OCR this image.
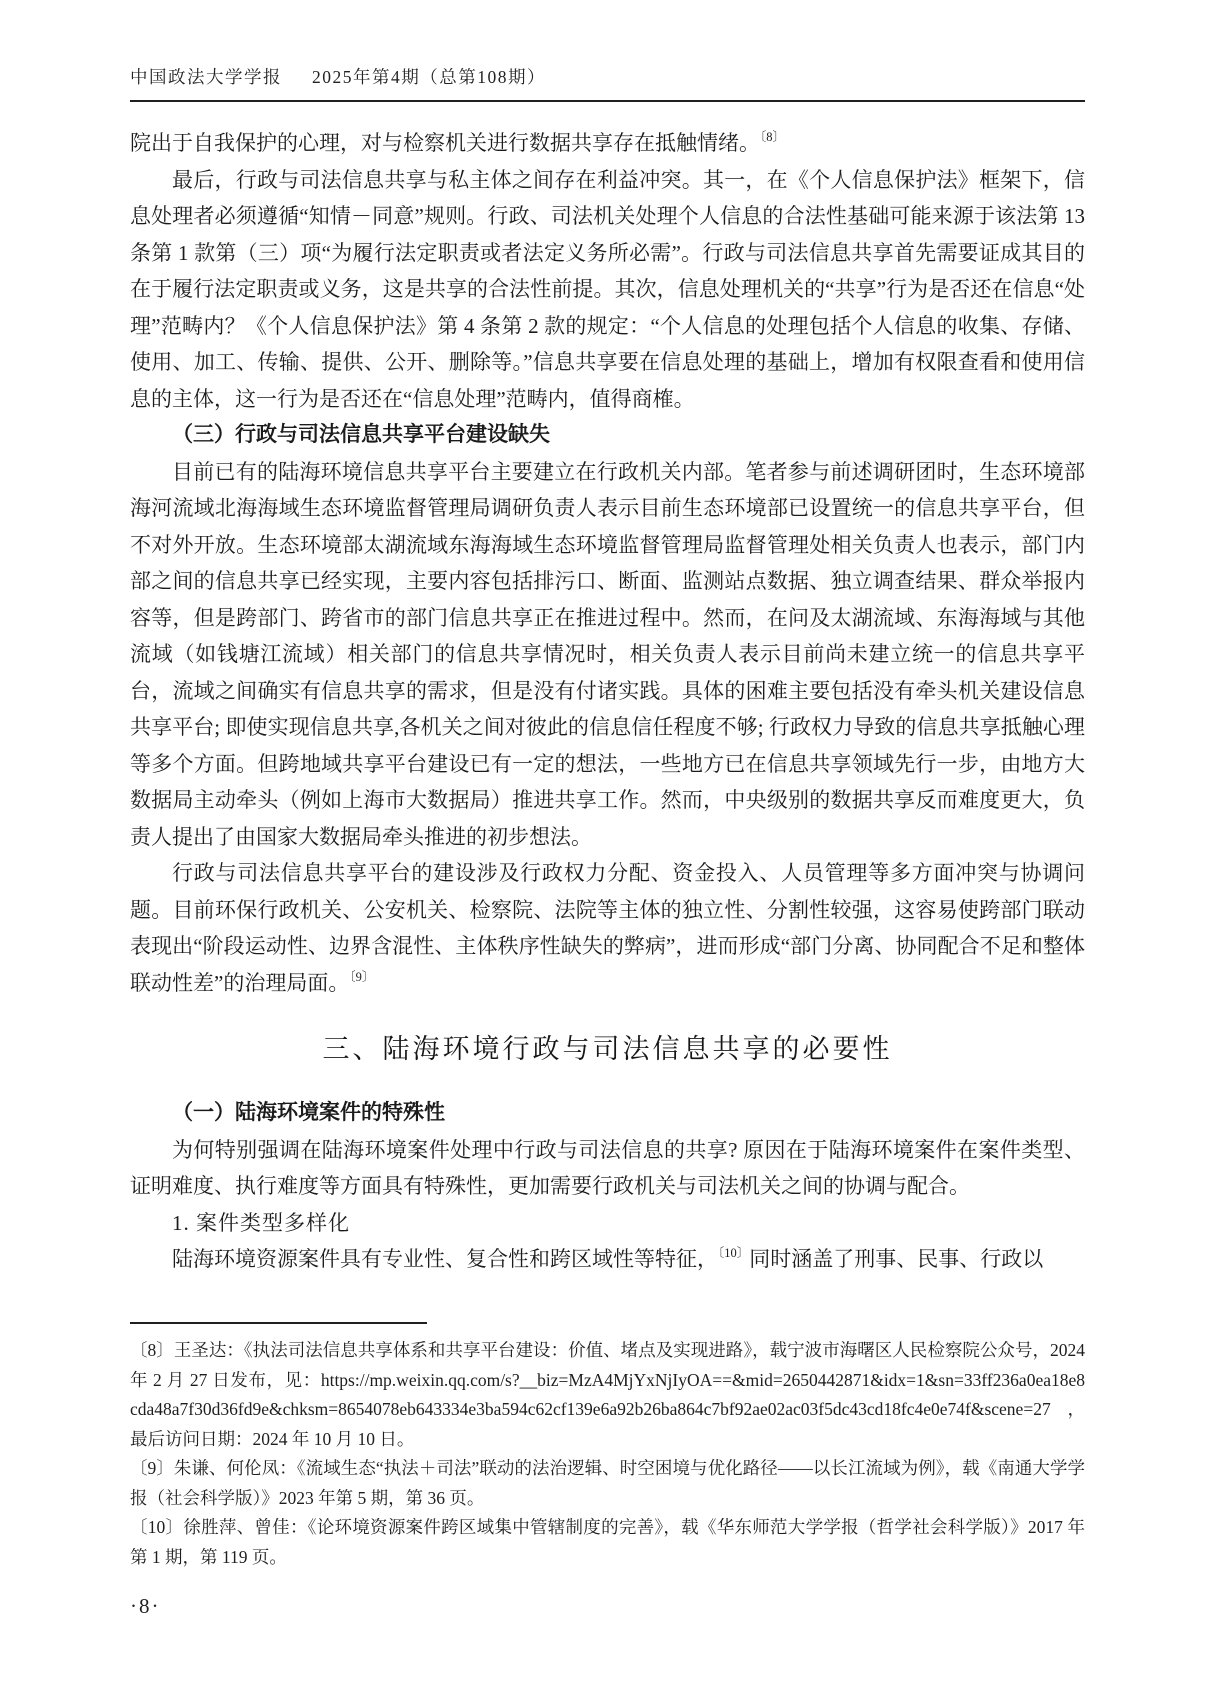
中国政法大学学报 2025年第4期（总第108期）

院出于自我保护的心理，对与检察机关进行数据共享存在抵触情绪。$^{〔8〕}$

最后，行政与司法信息共享与私主体之间存在利益冲突。其一，在《个人信息保护法》框架下，信息处理者必须遵循“知情－同意”规则。行政、司法机关处理个人信息的合法性基础可能来源于该法第 13 条第 1 款第（三）项“为履行法定职责或者法定义务所必需”。行政与司法信息共享首先需要证成其目的在于履行法定职责或义务，这是共享的合法性前提。其次，信息处理机关的“共享”行为是否还在信息“处理”范畴内？《个人信息保护法》第 4 条第 2 款的规定：“个人信息的处理包括个人信息的收集、存储、使用、加工、传输、提供、公开、删除等。”信息共享要在信息处理的基础上，增加有权限查看和使用信息的主体，这一行为是否还在“信息处理”范畴内，值得商榷。

（三）行政与司法信息共享平台建设缺失

目前已有的陆海环境信息共享平台主要建立在行政机关内部。笔者参与前述调研团时，生态环境部海河流域北海海域生态环境监督管理局调研负责人表示目前生态环境部已设置统一的信息共享平台，但不对外开放。生态环境部太湖流域东海海域生态环境监督管理局监督管理处相关负责人也表示，部门内部之间的信息共享已经实现，主要内容包括排污口、断面、监测站点数据、独立调查结果、群众举报内容等，但是跨部门、跨省市的部门信息共享正在推进过程中。然而，在问及太湖流域、东海海域与其他流域（如钱塘江流域）相关部门的信息共享情况时，相关负责人表示目前尚未建立统一的信息共享平台，流域之间确实有信息共享的需求，但是没有付诸实践。具体的困难主要包括没有牵头机关建设信息共享平台; 即使实现信息共享,各机关之间对彼此的信息信任程度不够; 行政权力导致的信息共享抵触心理等多个方面。但跨地域共享平台建设已有一定的想法，一些地方已在信息共享领域先行一步，由地方大数据局主动牵头（例如上海市大数据局）推进共享工作。然而，中央级别的数据共享反而难度更大，负责人提出了由国家大数据局牵头推进的初步想法。

行政与司法信息共享平台的建设涉及行政权力分配、资金投入、人员管理等多方面冲突与协调问题。目前环保行政机关、公安机关、检察院、法院等主体的独立性、分割性较强，这容易使跨部门联动表现出“阶段运动性、边界含混性、主体秩序性缺失的弊病”，进而形成“部门分离、协同配合不足和整体联动性差”的治理局面。$^{〔9〕}$

三、陆海环境行政与司法信息共享的必要性

（一）陆海环境案件的特殊性

为何特别强调在陆海环境案件处理中行政与司法信息的共享? 原因在于陆海环境案件在案件类型、证明难度、执行难度等方面具有特殊性，更加需要行政机关与司法机关之间的协调与配合。

1. 案件类型多样化

陆海环境资源案件具有专业性、复合性和跨区域性等特征，$^{〔10〕}$同时涵盖了刑事、民事、行政以

〔8〕王圣达：《执法司法信息共享体系和共享平台建设：价值、堵点及实现进路》，载宁波市海曙区人民检察院公众号，2024 年 2 月 27 日发布，见：https://mp.weixin.qq.com/s?__biz=MzA4MjYxNjIyOA==&mid=2650442871&idx=1&sn=33ff236a0ea18e8cda48a7f30d36fd9e&chksm=8654078eb643334e3ba594c62cf139e6a92b26ba864c7bf92ae02ac03f5dc43cd18fc4e0e74f&scene=27，最后访问日期：2024 年 10 月 10 日。

〔9〕朱谦、何伦凤：《流域生态“执法＋司法”联动的法治逻辑、时空困境与优化路径——以长江流域为例》，载《南通大学学报（社会科学版）》2023 年第 5 期，第 36 页。

〔10〕徐胜萍、曾佳：《论环境资源案件跨区域集中管辖制度的完善》，载《华东师范大学学报（哲学社会科学版）》2017 年第 1 期，第 119 页。

·8·
